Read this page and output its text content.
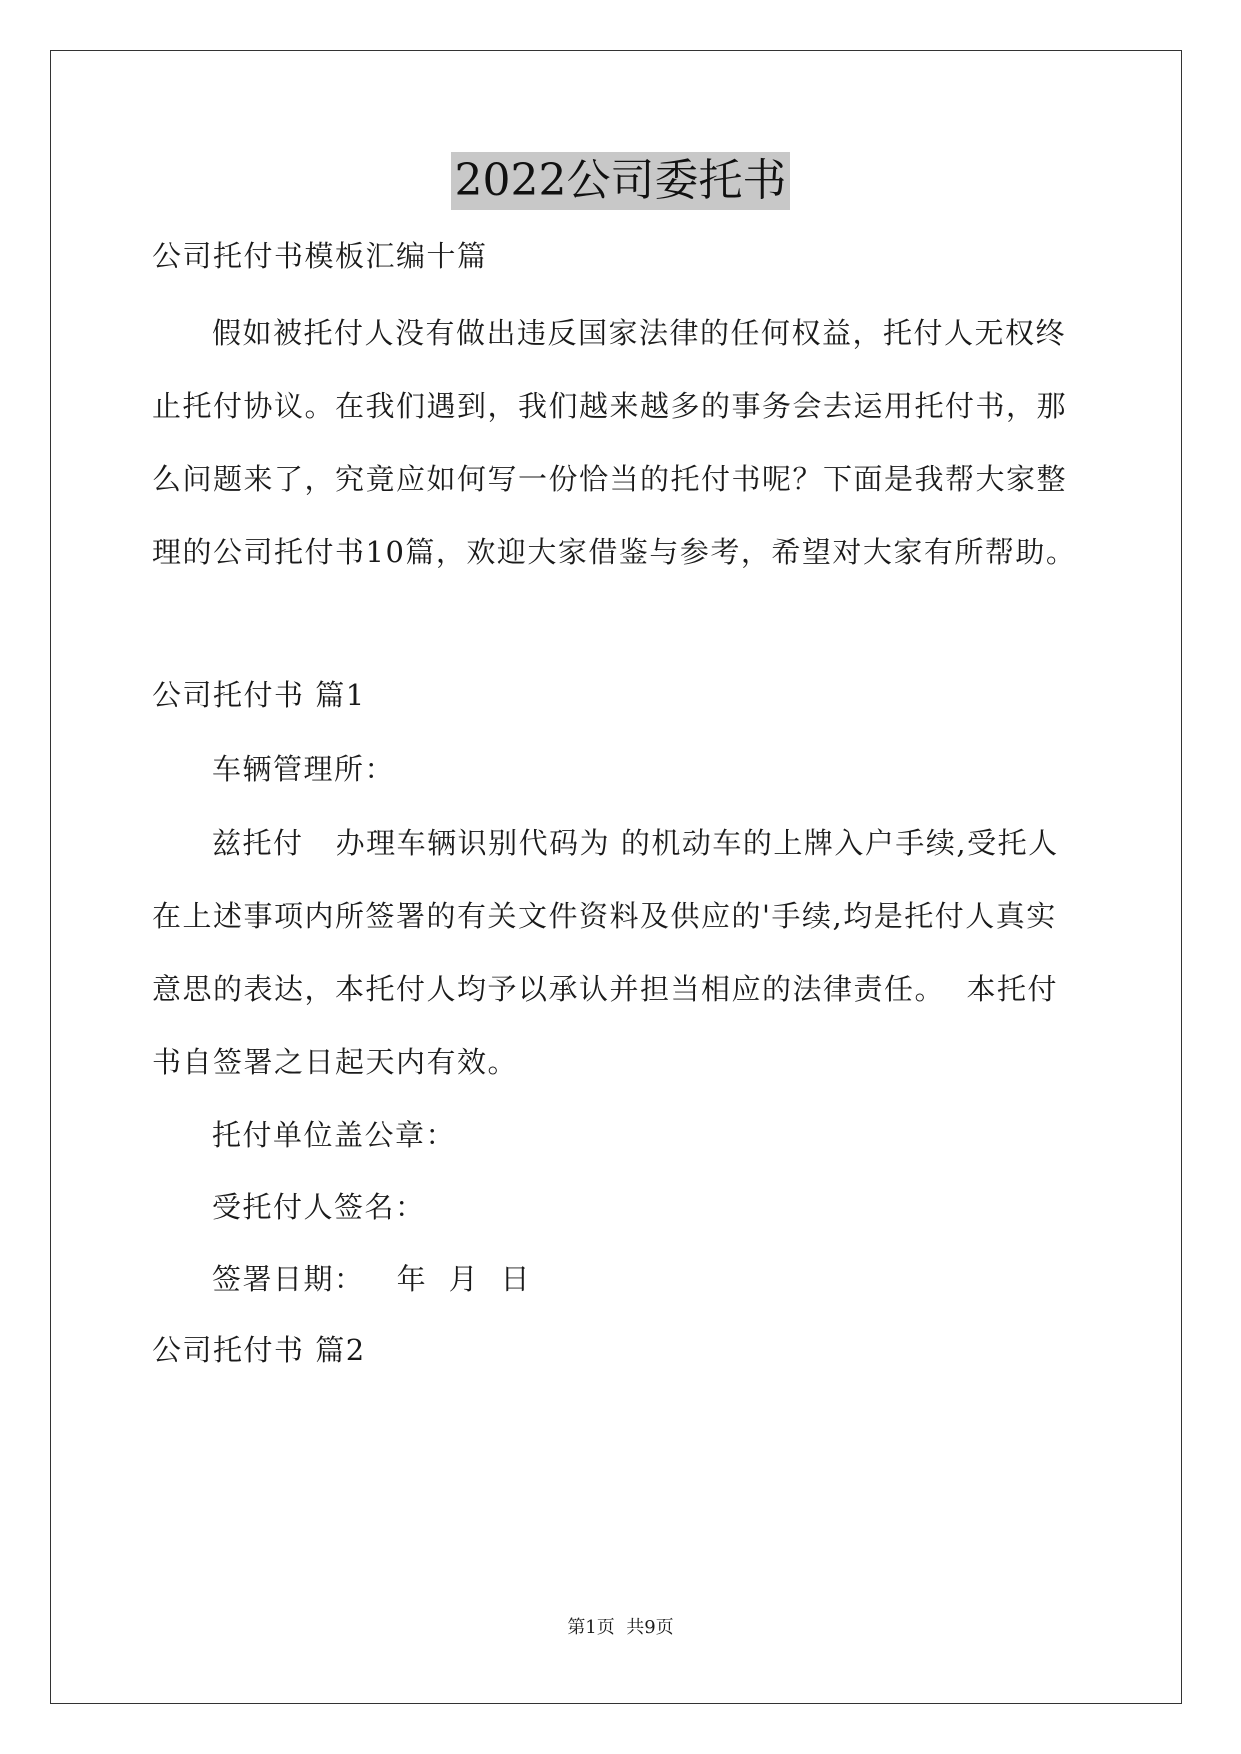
2022公司委托书
公司托付书模板汇编十篇
假如被托付人没有做出违反国家法律的任何权益，托付人无权终
止托付协议。在我们遇到，我们越来越多的事务会去运用托付书，那
么问题来了，究竟应如何写一份恰当的托付书呢？下面是我帮大家整
理的公司托付书10篇，欢迎大家借鉴与参考，希望对大家有所帮助。
公司托付书 篇1
车辆管理所：
兹托付   办理车辆识别代码为 的机动车的上牌入户手续,受托人
在上述事项内所签署的有关文件资料及供应的'手续,均是托付人真实
意思的表达，本托付人均予以承认并担当相应的法律责任。  本托付
书自签署之日起天内有效。
托付单位盖公章：
受托付人签名：
签署日期：   年  月  日
公司托付书 篇2
第1页  共9页
